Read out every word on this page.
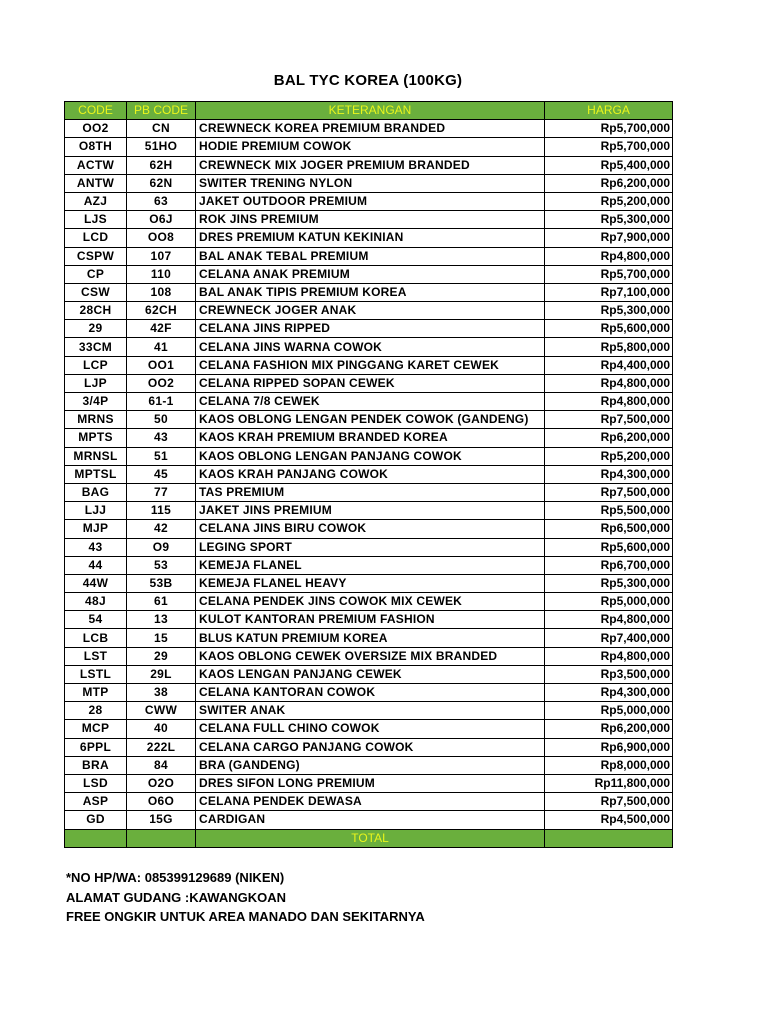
BAL TYC KOREA (100KG)
CODE	PB CODE	KETERANGAN	HARGA
OO2	CN	CREWNECK KOREA PREMIUM BRANDED	Rp5,700,000
O8TH	51HO	HODIE PREMIUM COWOK	Rp5,700,000
ACTW	62H	CREWNECK MIX JOGER PREMIUM BRANDED	Rp5,400,000
ANTW	62N	SWITER TRENING NYLON	Rp6,200,000
AZJ	63	JAKET OUTDOOR PREMIUM	Rp5,200,000
LJS	O6J	ROK JINS PREMIUM	Rp5,300,000
LCD	OO8	DRES PREMIUM KATUN KEKINIAN	Rp7,900,000
CSPW	107	BAL ANAK TEBAL PREMIUM	Rp4,800,000
CP	110	CELANA ANAK PREMIUM	Rp5,700,000
CSW	108	BAL ANAK TIPIS PREMIUM KOREA	Rp7,100,000
28CH	62CH	CREWNECK JOGER ANAK	Rp5,300,000
29	42F	CELANA JINS RIPPED	Rp5,600,000
33CM	41	CELANA JINS WARNA COWOK	Rp5,800,000
LCP	OO1	CELANA FASHION MIX PINGGANG KARET CEWEK	Rp4,400,000
LJP	OO2	CELANA RIPPED SOPAN CEWEK	Rp4,800,000
3/4P	61-1	CELANA 7/8 CEWEK	Rp4,800,000
MRNS	50	KAOS OBLONG LENGAN PENDEK COWOK (GANDENG)	Rp7,500,000
MPTS	43	KAOS KRAH PREMIUM BRANDED KOREA	Rp6,200,000
MRNSL	51	KAOS OBLONG LENGAN PANJANG COWOK	Rp5,200,000
MPTSL	45	KAOS KRAH PANJANG COWOK	Rp4,300,000
BAG	77	TAS PREMIUM	Rp7,500,000
LJJ	115	JAKET JINS PREMIUM	Rp5,500,000
MJP	42	CELANA JINS BIRU COWOK	Rp6,500,000
43	O9	LEGING SPORT	Rp5,600,000
44	53	KEMEJA FLANEL	Rp6,700,000
44W	53B	KEMEJA FLANEL HEAVY	Rp5,300,000
48J	61	CELANA PENDEK JINS COWOK MIX CEWEK	Rp5,000,000
54	13	KULOT KANTORAN PREMIUM FASHION	Rp4,800,000
LCB	15	BLUS KATUN PREMIUM KOREA	Rp7,400,000
LST	29	KAOS OBLONG CEWEK OVERSIZE MIX BRANDED	Rp4,800,000
LSTL	29L	KAOS LENGAN PANJANG CEWEK	Rp3,500,000
MTP	38	CELANA KANTORAN COWOK	Rp4,300,000
28	CWW	SWITER ANAK	Rp5,000,000
MCP	40	CELANA FULL CHINO COWOK	Rp6,200,000
6PPL	222L	CELANA CARGO PANJANG COWOK	Rp6,900,000
BRA	84	BRA (GANDENG)	Rp8,000,000
LSD	O2O	DRES SIFON LONG PREMIUM	Rp11,800,000
ASP	O6O	CELANA PENDEK DEWASA	Rp7,500,000
GD	15G	CARDIGAN	Rp4,500,000
		TOTAL	
*NO HP/WA: 085399129689 (NIKEN)
ALAMAT GUDANG :KAWANGKOAN
FREE ONGKIR UNTUK AREA MANADO DAN SEKITARNYA
